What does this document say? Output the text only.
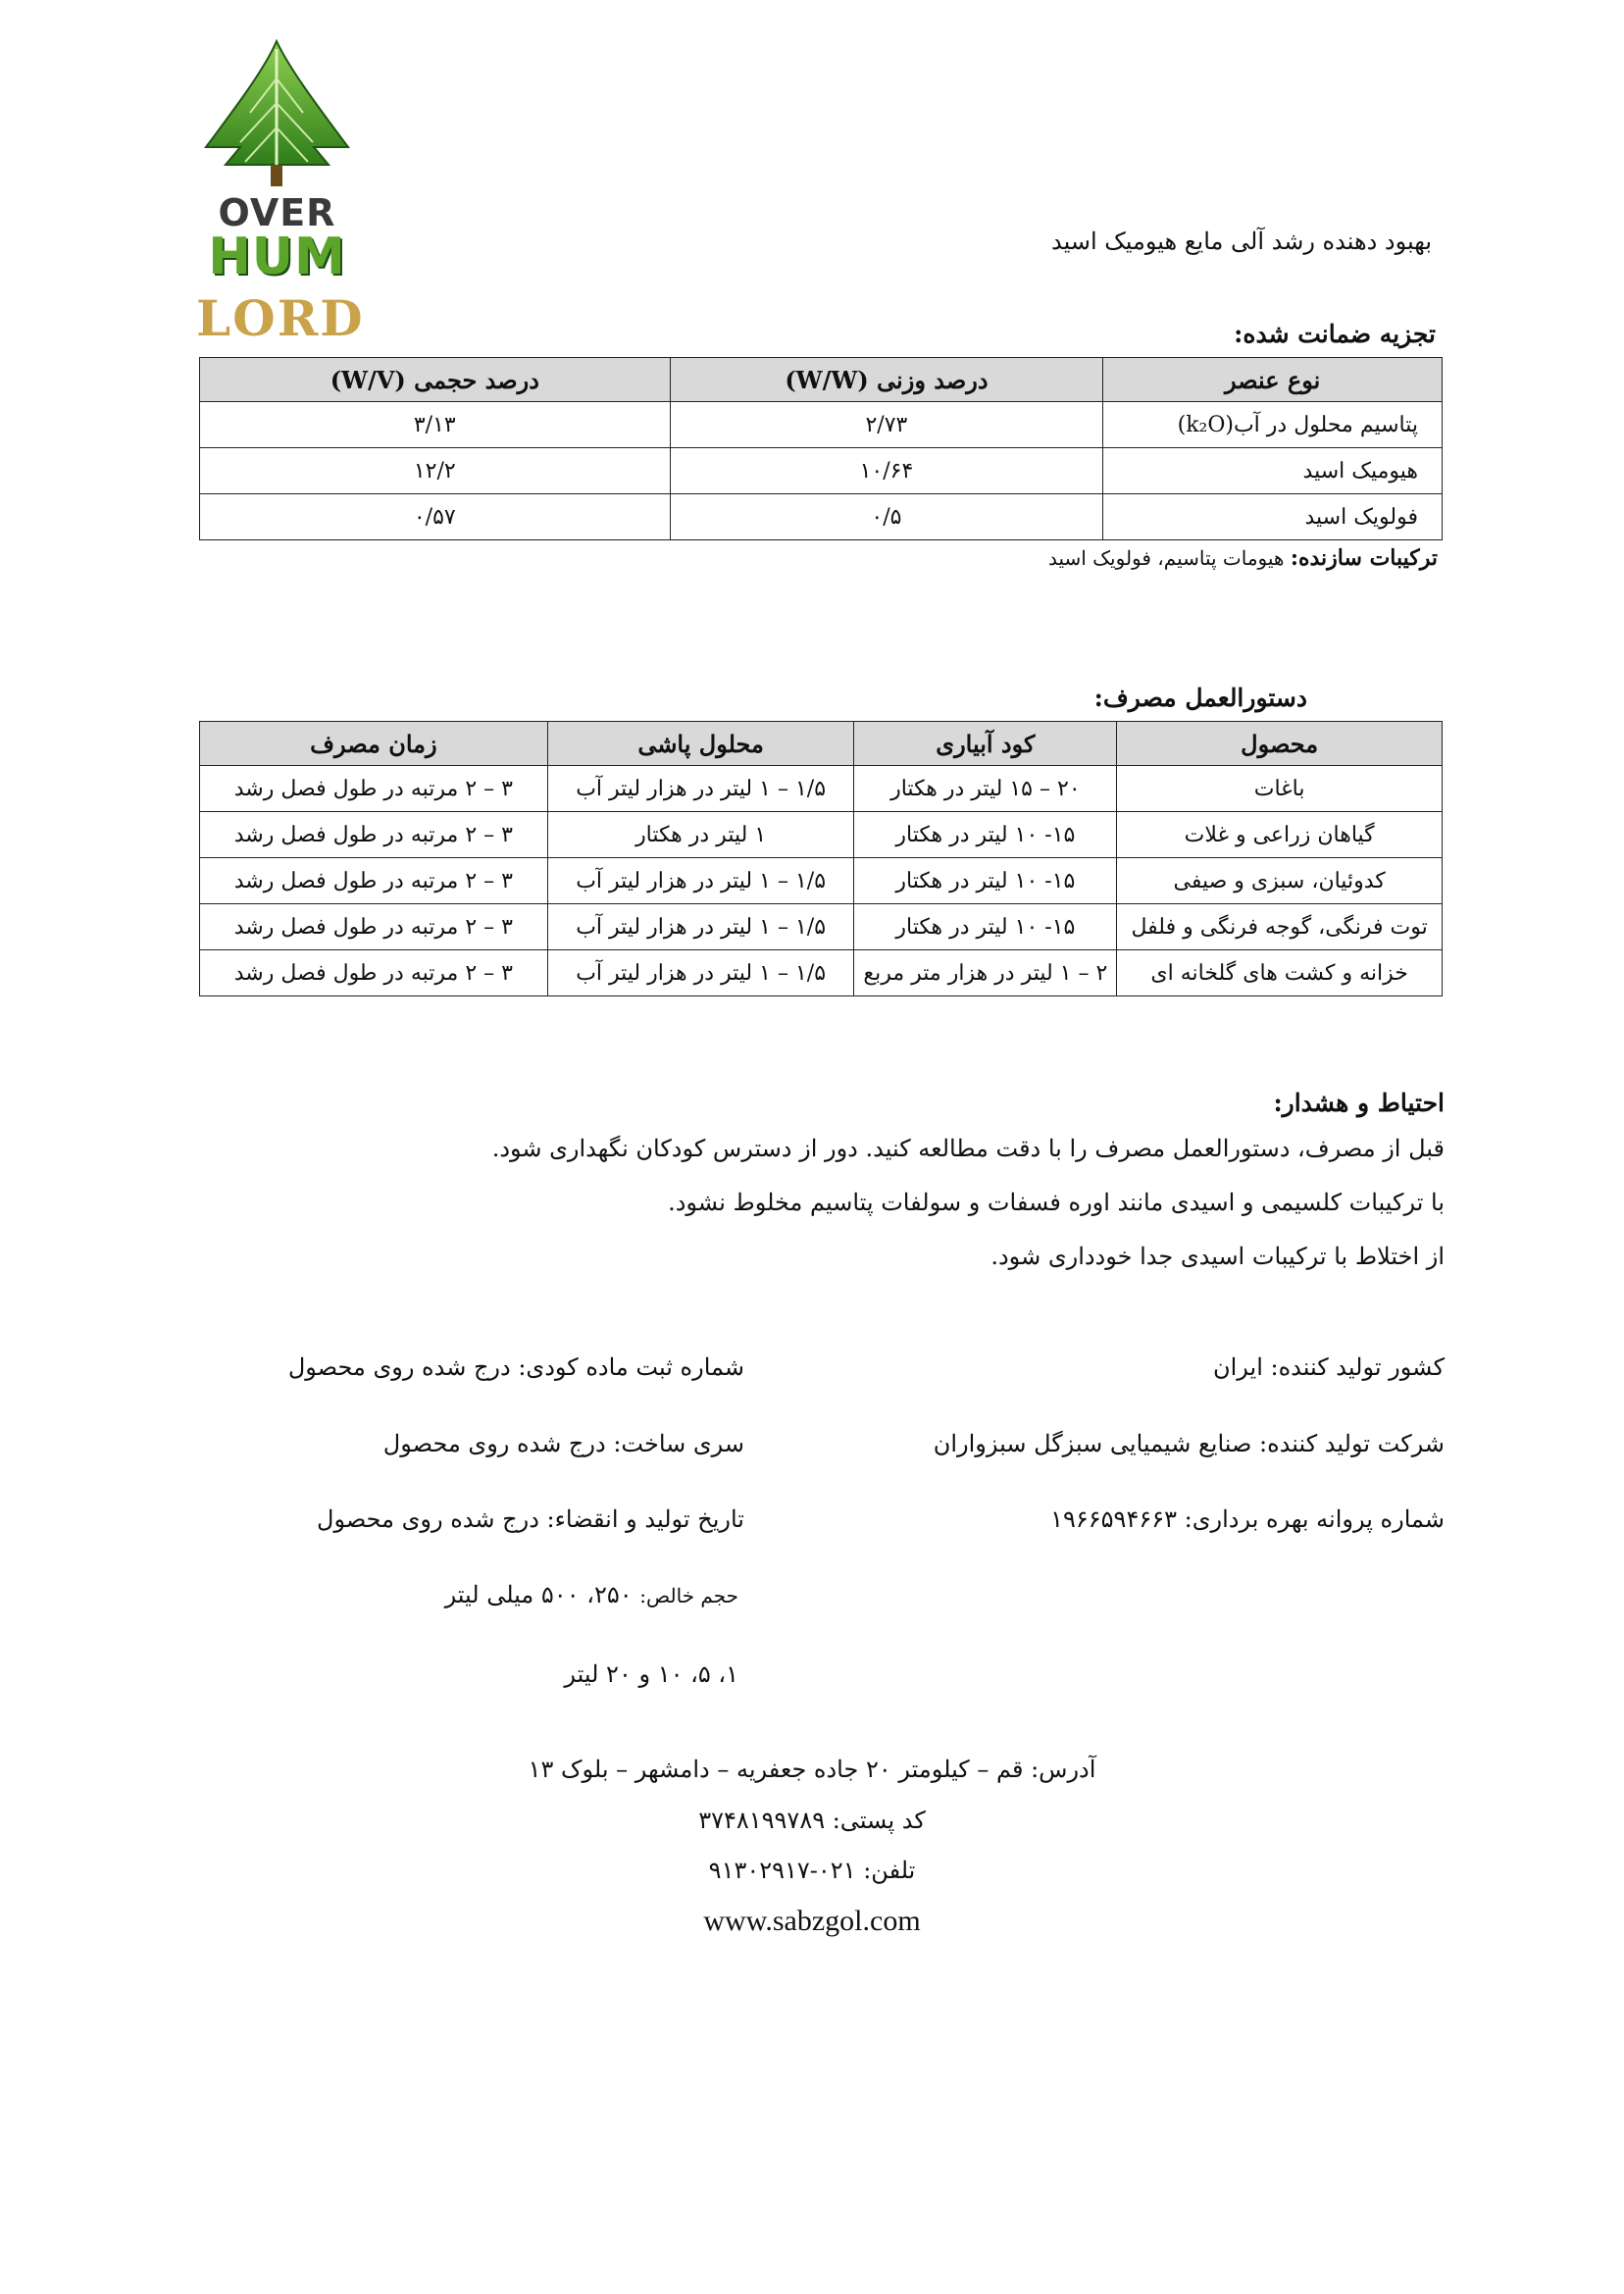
OVER
HUM
LORD
بهبود دهنده رشد آلی مایع هیومیک اسید
تجزیه ضمانت شده:
نوع عنصر	درصد وزنی (W/W)	درصد حجمی (W/V)
پتاسیم محلول در آب(k₂O)	۲/۷۳	۳/۱۳
هیومیک اسید	۱۰/۶۴	۱۲/۲
فولویک اسید	۰/۵	۰/۵۷
ترکیبات سازنده: هیومات پتاسیم، فولویک اسید
دستورالعمل مصرف:
محصول	کود آبیاری	محلول پاشی	زمان مصرف
باغات	۲۰ – ۱۵ لیتر در هکتار	۱/۵ – ۱ لیتر در هزار لیتر آب	۳ – ۲ مرتبه در طول فصل رشد
گیاهان زراعی و غلات	۱۵- ۱۰ لیتر در هکتار	۱ لیتر در هکتار	۳ – ۲ مرتبه در طول فصل رشد
کدوئیان، سبزی و صیفی	۱۵- ۱۰ لیتر در هکتار	۱/۵ – ۱ لیتر در هزار لیتر آب	۳ – ۲ مرتبه در طول فصل رشد
توت فرنگی، گوجه فرنگی و فلفل	۱۵- ۱۰ لیتر در هکتار	۱/۵ – ۱ لیتر در هزار لیتر آب	۳ – ۲ مرتبه در طول فصل رشد
خزانه و کشت های گلخانه ای	۲ – ۱ لیتر در هزار متر مربع	۱/۵ – ۱ لیتر در هزار لیتر آب	۳ – ۲ مرتبه در طول فصل رشد
احتیاط و هشدار:

قبل از مصرف، دستورالعمل مصرف را با دقت مطالعه کنید. دور از دسترس کودکان نگهداری شود.

با ترکیبات کلسیمی و اسیدی مانند اوره فسفات و سولفات پتاسیم مخلوط نشود.

از اختلاط با ترکیبات اسیدی جدا خودداری شود.

کشور تولید کننده: ایران
شرکت تولید کننده: صنایع شیمیایی سبزگل سبزواران
شماره پروانه بهره برداری: ۱۹۶۶۵۹۴۶۶۳
شماره ثبت ماده کودی: درج شده روی محصول
سری ساخت: درج شده روی محصول
تاریخ تولید و انقضاء: درج شده روی محصول
حجم خالص: ۲۵۰، ۵۰۰ میلی لیتر
۱، ۵، ۱۰ و ۲۰ لیتر
آدرس: قم – کیلومتر ۲۰ جاده جعفریه – دامشهر – بلوک ۱۳
کد پستی: ۳۷۴۸۱۹۹۷۸۹
تلفن: ۰۲۱-۹۱۳۰۲۹۱۷
www.sabzgol.com
